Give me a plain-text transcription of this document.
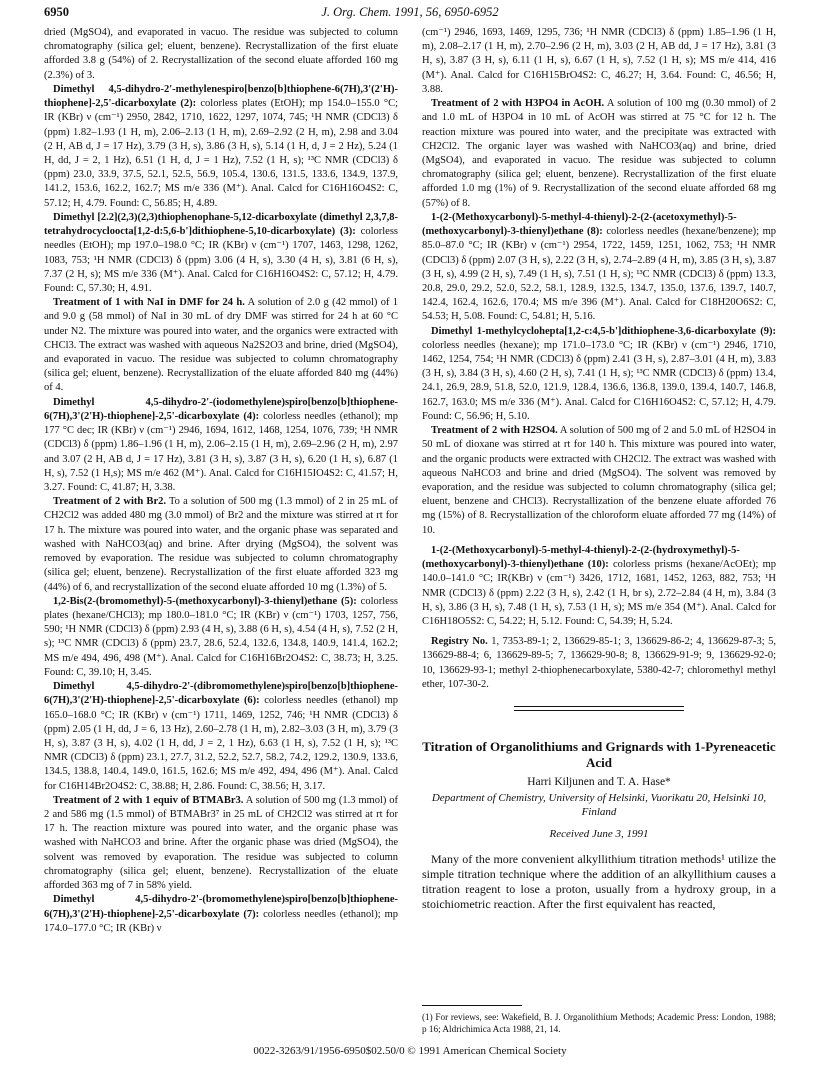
6950	J. Org. Chem. 1991, 56, 6950-6952

dried (MgSO4), and evaporated in vacuo. The residue was subjected to column chromatography (silica gel; eluent, benzene). Recrystallization of the first eluate afforded 3.8 g (54%) of 2. Recrystallization of the second eluate afforded 160 mg (2.3%) of 3.

Dimethyl 4,5-dihydro-2'-methylenespiro[benzo[b]thiophene-6(7H),3'(2'H)-thiophene]-2,5'-dicarboxylate (2): colorless plates (EtOH); mp 154.0–155.0 °C; IR (KBr) ν (cm⁻¹) 2950, 2842, 1710, 1622, 1297, 1074, 745; ¹H NMR (CDCl3) δ (ppm) 1.82–1.93 (1 H, m), 2.06–2.13 (1 H, m), 2.69–2.92 (2 H, m), 2.98 and 3.04 (2 H, AB d, J = 17 Hz), 3.79 (3 H, s), 3.86 (3 H, s), 5.14 (1 H, d, J = 2 Hz), 5.24 (1 H, dd, J = 2, 1 Hz), 6.51 (1 H, d, J = 1 Hz), 7.52 (1 H, s); ¹³C NMR (CDCl3) δ (ppm) 23.0, 33.9, 37.5, 52.1, 52.5, 56.9, 105.4, 130.6, 131.5, 133.6, 134.9, 137.9, 141.2, 153.6, 162.2, 162.7; MS m/e 336 (M⁺). Anal. Calcd for C16H16O4S2: C, 57.12; H, 4.79. Found: C, 56.85; H, 4.89.

Dimethyl [2.2](2,3)(2,3)thiophenophane-5,12-dicarboxylate (dimethyl 2,3,7,8-tetrahydrocycloocta[1,2-d:5,6-b']dithiophene-5,10-dicarboxylate) (3): colorless needles (EtOH); mp 197.0–198.0 °C; IR (KBr) ν (cm⁻¹) 1707, 1463, 1298, 1262, 1083, 753; ¹H NMR (CDCl3) δ (ppm) 3.06 (4 H, s), 3.30 (4 H, s), 3.81 (6 H, s), 7.37 (2 H, s); MS m/e 336 (M⁺). Anal. Calcd for C16H16O4S2: C, 57.12; H, 4.79. Found: C, 57.30; H, 4.91.

Treatment of 1 with NaI in DMF for 24 h. A solution of 2.0 g (42 mmol) of 1 and 9.0 g (58 mmol) of NaI in 30 mL of dry DMF was stirred for 24 h at 60 °C under N2. The mixture was poured into water, and the organics were extracted with CHCl3. The extract was washed with aqueous Na2S2O3 and brine, dried (MgSO4), and evaporated in vacuo. The residue was subjected to column chromatography (silica gel; eluent, benzene). Recrystallization of the eluate afforded 840 mg (44%) of 4.

Dimethyl 4,5-dihydro-2'-(iodomethylene)spiro[benzo[b]thiophene-6(7H),3'(2'H)-thiophene]-2,5'-dicarboxylate (4): colorless needles (ethanol); mp 177 °C dec; IR (KBr) ν (cm⁻¹) 2946, 1694, 1612, 1468, 1254, 1076, 739; ¹H NMR (CDCl3) δ (ppm) 1.86–1.96 (1 H, m), 2.06–2.15 (1 H, m), 2.69–2.96 (2 H, m), 2.97 and 3.07 (2 H, AB d, J = 17 Hz), 3.81 (3 H, s), 3.87 (3 H, s), 6.20 (1 H, s), 6.87 (1 H, s), 7.52 (1 H,s); MS m/e 462 (M⁺). Anal. Calcd for C16H15IO4S2: C, 41.57; H, 3.27. Found: C, 41.87; H, 3.38.

Treatment of 2 with Br2. To a solution of 500 mg (1.3 mmol) of 2 in 25 mL of CH2Cl2 was added 480 mg (3.0 mmol) of Br2 and the mixture was stirred at rt for 17 h. The mixture was poured into water, and the organic phase was separated and washed with NaHCO3(aq) and brine. After drying (MgSO4), the solvent was removed by evaporation. The residue was subjected to column chromatography (silica gel; eluent, benzene). Recrystallization of the first eluate afforded 323 mg (44%) of 6, and recrystallization of the second eluate afforded 10 mg (1.3%) of 5.

1,2-Bis(2-(bromomethyl)-5-(methoxycarbonyl)-3-thienyl)ethane (5): colorless plates (hexane/CHCl3); mp 180.0–181.0 °C; IR (KBr) ν (cm⁻¹) 1703, 1257, 756, 590; ¹H NMR (CDCl3) δ (ppm) 2.93 (4 H, s), 3.88 (6 H, s), 4.54 (4 H, s), 7.52 (2 H, s); ¹³C NMR (CDCl3) δ (ppm) 23.7, 28.6, 52.4, 132.6, 134.8, 140.9, 141.4, 162.2; MS m/e 494, 496, 498 (M⁺). Anal. Calcd for C16H16Br2O4S2: C, 38.73; H, 3.25. Found: C, 39.10; H, 3.45.

Dimethyl 4,5-dihydro-2'-(dibromomethylene)spiro[benzo[b]thiophene-6(7H),3'(2'H)-thiophene]-2,5'-dicarboxylate (6): colorless needles (ethanol) mp 165.0–168.0 °C; IR (KBr) ν (cm⁻¹) 1711, 1469, 1252, 746; ¹H NMR (CDCl3) δ (ppm) 2.05 (1 H, dd, J = 6, 13 Hz), 2.60–2.78 (1 H, m), 2.82–3.03 (3 H, m), 3.79 (3 H, s), 3.87 (3 H, s), 4.02 (1 H, dd, J = 2, 1 Hz), 6.63 (1 H, s), 7.52 (1 H, s); ¹³C NMR (CDCl3) δ (ppm) 23.1, 27.7, 31.2, 52.2, 52.7, 58.2, 74.2, 129.2, 130.9, 133.6, 134.5, 138.8, 140.4, 149.0, 161.5, 162.6; MS m/e 492, 494, 496 (M⁺). Anal. Calcd for C16H14Br2O4S2: C, 38.88; H, 2.86. Found: C, 38.56; H, 3.17.

Treatment of 2 with 1 equiv of BTMABr3. A solution of 500 mg (1.3 mmol) of 2 and 586 mg (1.5 mmol) of BTMABr3⁷ in 25 mL of CH2Cl2 was stirred at rt for 17 h. The reaction mixture was poured into water, and the organic phase was washed with NaHCO3 and brine. After the organic phase was dried (MgSO4), the solvent was removed by evaporation. The residue was subjected to column chromatography (silica gel; eluent, benzene). Recrystallization of the eluate afforded 363 mg of 7 in 58% yield.

Dimethyl 4,5-dihydro-2'-(bromomethylene)spiro[benzo[b]thiophene-6(7H),3'(2'H)-thiophene]-2,5'-dicarboxylate (7): colorless needles (ethanol); mp 174.0–177.0 °C; IR (KBr) ν

(cm⁻¹) 2946, 1693, 1469, 1295, 736; ¹H NMR (CDCl3) δ (ppm) 1.85–1.96 (1 H, m), 2.08–2.17 (1 H, m), 2.70–2.96 (2 H, m), 3.03 (2 H, AB dd, J = 17 Hz), 3.81 (3 H, s), 3.87 (3 H, s), 6.11 (1 H, s), 6.67 (1 H, s), 7.52 (1 H, s); MS m/e 414, 416 (M⁺). Anal. Calcd for C16H15BrO4S2: C, 46.27; H, 3.64. Found: C, 46.56; H, 3.88.

Treatment of 2 with H3PO4 in AcOH. A solution of 100 mg (0.30 mmol) of 2 and 1.0 mL of H3PO4 in 10 mL of AcOH was stirred at 75 °C for 12 h. The reaction mixture was poured into water, and the precipitate was extracted with CH2Cl2. The organic layer was washed with NaHCO3(aq) and brine, dried (MgSO4), and evaporated in vacuo. The residue was subjected to column chromatography (silica gel; eluent, benzene). Recrystallization of the first eluate afforded 1.0 mg (1%) of 9. Recrystallization of the second eluate afforded 68 mg (57%) of 8.

1-(2-(Methoxycarbonyl)-5-methyl-4-thienyl)-2-(2-(acetoxymethyl)-5-(methoxycarbonyl)-3-thienyl)ethane (8): colorless needles (hexane/benzene); mp 85.0–87.0 °C; IR (KBr) ν (cm⁻¹) 2954, 1722, 1459, 1251, 1062, 753; ¹H NMR (CDCl3) δ (ppm) 2.07 (3 H, s), 2.22 (3 H, s), 2.74–2.89 (4 H, m), 3.85 (3 H, s), 3.87 (3 H, s), 4.99 (2 H, s), 7.49 (1 H, s), 7.51 (1 H, s); ¹³C NMR (CDCl3) δ (ppm) 13.3, 20.8, 29.0, 29.2, 52.0, 52.2, 58.1, 128.9, 132.5, 134.7, 135.0, 137.6, 139.7, 140.7, 142.4, 162.4, 162.6, 170.4; MS m/e 396 (M⁺). Anal. Calcd for C18H20O6S2: C, 54.53; H, 5.08. Found: C, 54.81; H, 5.16.

Dimethyl 1-methylcyclohepta[1,2-c:4,5-b']dithiophene-3,6-dicarboxylate (9): colorless needles (hexane); mp 171.0–173.0 °C; IR (KBr) ν (cm⁻¹) 2946, 1710, 1462, 1254, 754; ¹H NMR (CDCl3) δ (ppm) 2.41 (3 H, s), 2.87–3.01 (4 H, m), 3.83 (3 H, s), 3.84 (3 H, s), 4.60 (2 H, s), 7.41 (1 H, s); ¹³C NMR (CDCl3) δ (ppm) 13.4, 24.1, 26.9, 28.9, 51.8, 52.0, 121.9, 128.4, 136.6, 136.8, 139.0, 139.4, 140.7, 146.8, 162.7, 163.0; MS m/e 336 (M⁺). Anal. Calcd for C16H16O4S2: C, 57.12; H, 4.79. Found: C, 56.96; H, 5.10.

Treatment of 2 with H2SO4. A solution of 500 mg of 2 and 5.0 mL of H2SO4 in 50 mL of dioxane was stirred at rt for 140 h. This mixture was poured into water, and the organic products were extracted with CH2Cl2. The extract was washed with aqueous NaHCO3 and brine and dried (MgSO4). The solvent was removed by evaporation, and the residue was subjected to column chromatography (silica gel; eluent, benzene and CHCl3). Recrystallization of the benzene eluate afforded 76 mg (15%) of 8. Recrystallization of the chloroform eluate afforded 77 mg (14%) of 10.

1-(2-(Methoxycarbonyl)-5-methyl-4-thienyl)-2-(2-(hydroxymethyl)-5-(methoxycarbonyl)-3-thienyl)ethane (10): colorless prisms (hexane/AcOEt); mp 140.0–141.0 °C; IR(KBr) ν (cm⁻¹) 3426, 1712, 1681, 1452, 1263, 882, 753; ¹H NMR (CDCl3) δ (ppm) 2.22 (3 H, s), 2.42 (1 H, br s), 2.72–2.84 (4 H, m), 3.84 (3 H, s), 3.86 (3 H, s), 7.48 (1 H, s), 7.53 (1 H, s); MS m/e 354 (M⁺). Anal. Calcd for C16H18O5S2: C, 54.22; H, 5.12. Found: C, 54.39; H, 5.24.

Registry No. 1, 7353-89-1; 2, 136629-85-1; 3, 136629-86-2; 4, 136629-87-3; 5, 136629-88-4; 6, 136629-89-5; 7, 136629-90-8; 8, 136629-91-9; 9, 136629-92-0; 10, 136629-93-1; methyl 2-thiophenecarboxylate, 5380-42-7; chloromethyl methyl ether, 107-30-2.

Titration of Organolithiums and Grignards with 1-Pyreneacetic Acid
Harri Kiljunen and T. A. Hase*
Department of Chemistry, University of Helsinki, Vuorikatu 20, Helsinki 10, Finland
Received June 3, 1991
Many of the more convenient alkyllithium titration methods¹ utilize the simple titration technique where the addition of an alkyllithium causes a titration reagent to lose a proton, usually from a hydroxy group, in a stoichiometric reaction. After the first equivalent has reacted,
(1) For reviews, see: Wakefield, B. J. Organolithium Methods; Academic Press: London, 1988; p 16; Aldrichimica Acta 1988, 21, 14.
0022-3263/91/1956-6950$02.50/0 © 1991 American Chemical Society
